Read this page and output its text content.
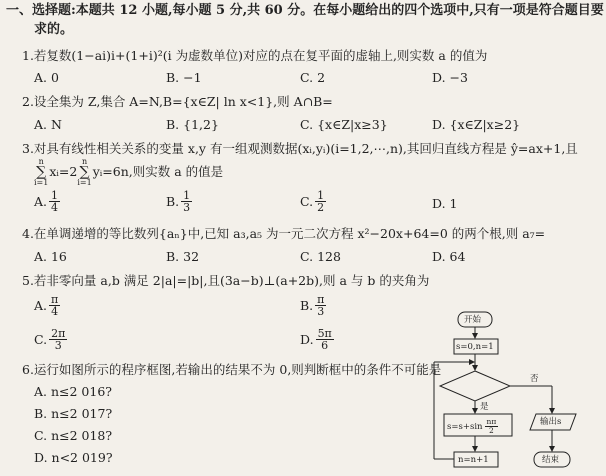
一、选择题:本题共 12 小题,每小题 5 分,共 60 分。在每小题给出的四个选项中,只有一项是符合题目要
求的。
1.若复数(1−ai)i+(1+i)²(i 为虚数单位)对应的点在复平面的虚轴上,则实数 a 的值为
A. 0	B. −1	C. 2	D. −3
2.设全集为 Z,集合 A=N,B={x∈Z| ln x<1},则 A∩B=
A. N	B. {1,2}	C. {x∈Z|x≥3}	D. {x∈Z|x≥2}
3.对具有线性相关关系的变量 x,y 有一组观测数据(xᵢ,yᵢ)(i=1,2,⋯,n),其回归直线方程是 ŷ=ax+1,且
n
∑
i=1
xᵢ=2
n
∑
i=1
yᵢ=6n,则实数 a 的值是
A. $\frac{1}{4}$	B. $\frac{1}{3}$	C. $\frac{1}{2}$	D. 1
4.在单调递增的等比数列{aₙ}中,已知 a₃,a₅ 为一元二次方程 x²−20x+64=0 的两个根,则 a₇=
A. 16	B. 32	C. 128	D. 64
5.若非零向量 a,b 满足 2|a|=|b|,且(3a−b)⊥(a+2b),则 a 与 b 的夹角为
A. $\frac{\pi}{4}$	B. $\frac{\pi}{3}$
C. $\frac{2\pi}{3}$	D. $\frac{5\pi}{6}$
6.运行如图所示的程序框图,若输出的结果不为 0,则判断框中的条件不可能是
A. n≤2 016?
B. n≤2 017?
C. n≤2 018?
D. n<2 019?
开始
s=0,n=1
是
否
$s=s+\sin \frac{n\pi}{2}$	输出s
结束
n=n+1
